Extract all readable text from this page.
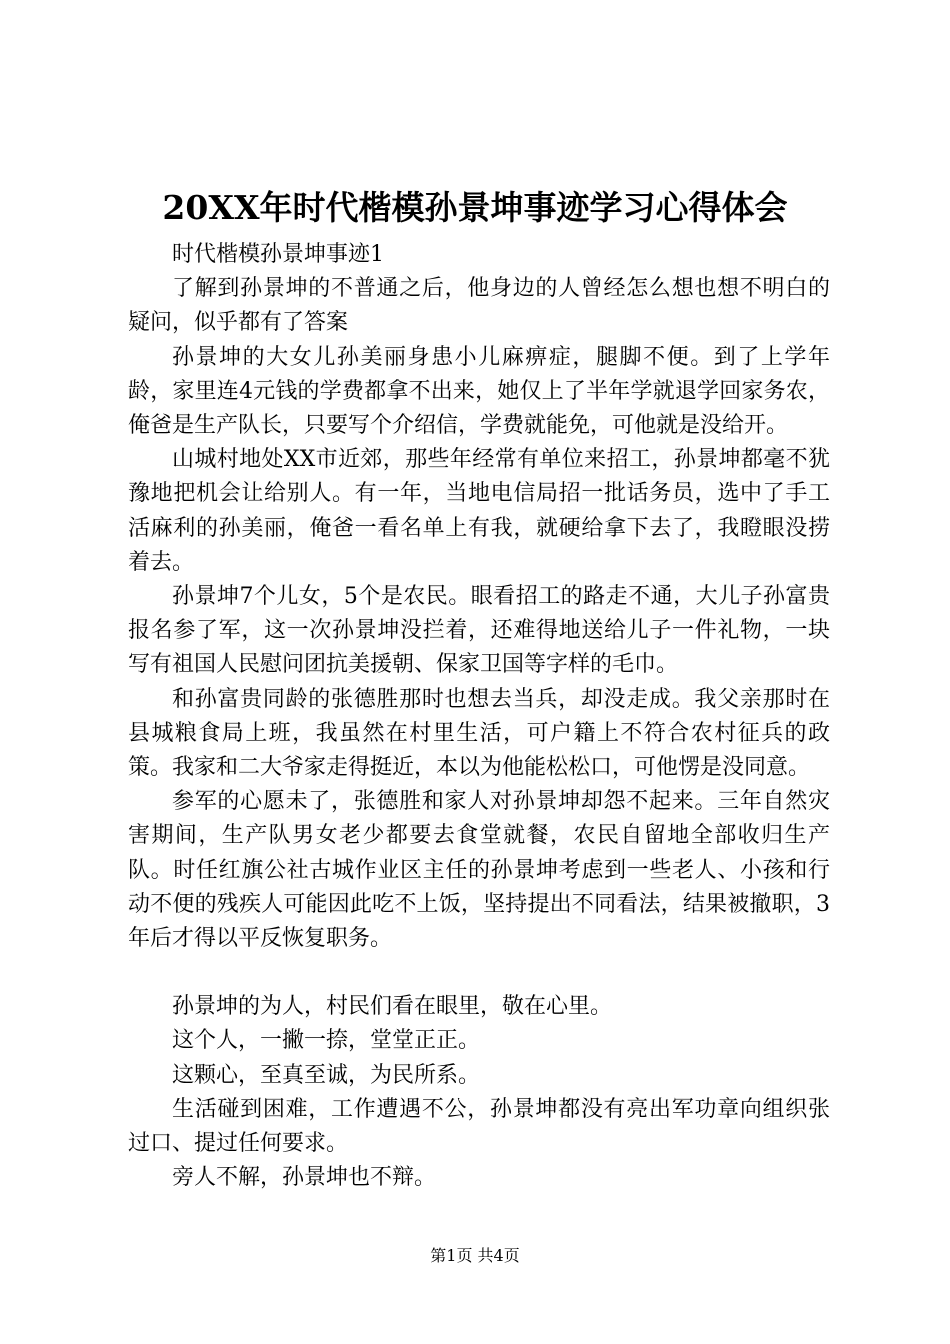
20XX年时代楷模孙景坤事迹学习心得体会

时代楷模孙景坤事迹1

了解到孙景坤的不普通之后，他身边的人曾经怎么想也想不明白的疑问，似乎都有了答案

孙景坤的大女儿孙美丽身患小儿麻痹症，腿脚不便。到了上学年龄，家里连4元钱的学费都拿不出来，她仅上了半年学就退学回家务农，俺爸是生产队长，只要写个介绍信，学费就能免，可他就是没给开。

山城村地处XX市近郊，那些年经常有单位来招工，孙景坤都毫不犹豫地把机会让给别人。有一年，当地电信局招一批话务员，选中了手工活麻利的孙美丽，俺爸一看名单上有我，就硬给拿下去了，我瞪眼没捞着去。

孙景坤7个儿女，5个是农民。眼看招工的路走不通，大儿子孙富贵报名参了军，这一次孙景坤没拦着，还难得地送给儿子一件礼物，一块写有祖国人民慰问团抗美援朝、保家卫国等字样的毛巾。

和孙富贵同龄的张德胜那时也想去当兵，却没走成。我父亲那时在县城粮食局上班，我虽然在村里生活，可户籍上不符合农村征兵的政策。我家和二大爷家走得挺近，本以为他能松松口，可他愣是没同意。

参军的心愿未了，张德胜和家人对孙景坤却怨不起来。三年自然灾害期间，生产队男女老少都要去食堂就餐，农民自留地全部收归生产队。时任红旗公社古城作业区主任的孙景坤考虑到一些老人、小孩和行动不便的残疾人可能因此吃不上饭，坚持提出不同看法，结果被撤职，3年后才得以平反恢复职务。

孙景坤的为人，村民们看在眼里，敬在心里。

这个人，一撇一捺，堂堂正正。

这颗心，至真至诚，为民所系。

生活碰到困难，工作遭遇不公，孙景坤都没有亮出军功章向组织张过口、提过任何要求。

旁人不解，孙景坤也不辩。

第1页 共4页
